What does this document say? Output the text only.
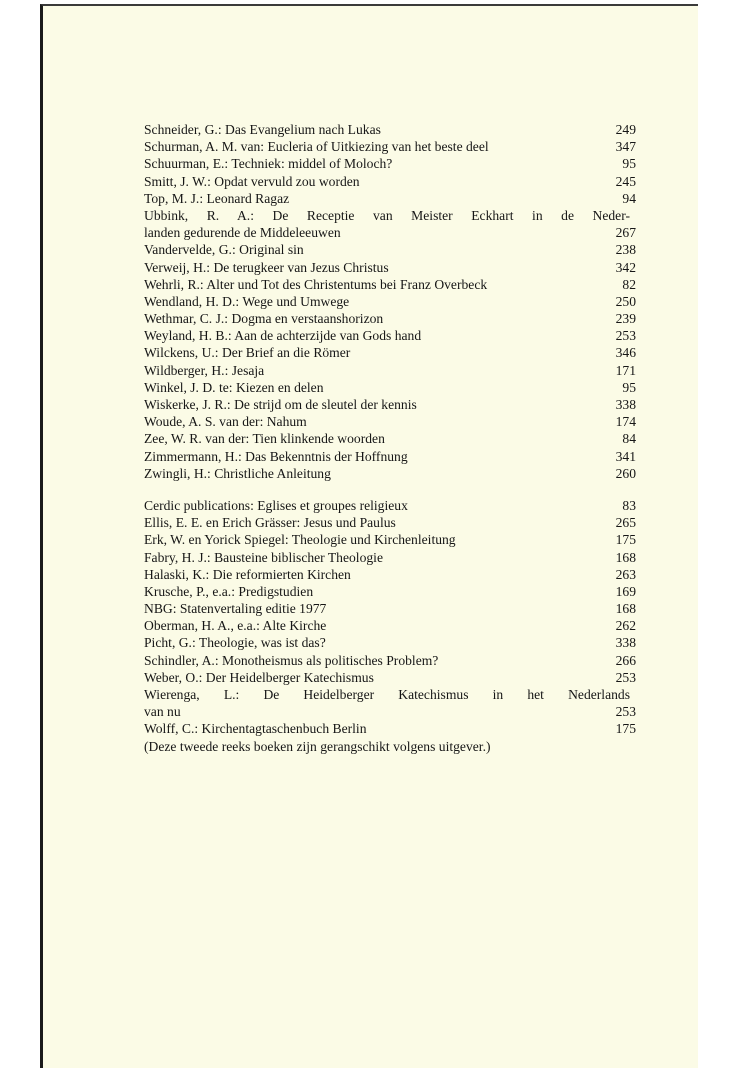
Schneider, G.: Das Evangelium nach Lukas	249
Schurman, A. M. van: Eucleria of Uitkiezing van het beste deel	347
Schuurman, E.: Techniek: middel of Moloch?	95
Smitt, J. W.: Opdat vervuld zou worden	245
Top, M. J.: Leonard Ragaz	94
Ubbink, R. A.: De Receptie van Meister Eckhart in de Neder-
landen gedurende de Middeleeuwen	267
Vandervelde, G.: Original sin	238
Verweij, H.: De terugkeer van Jezus Christus	342
Wehrli, R.: Alter und Tot des Christentums bei Franz Overbeck	82
Wendland, H. D.: Wege und Umwege	250
Wethmar, C. J.: Dogma en verstaanshorizon	239
Weyland, H. B.: Aan de achterzijde van Gods hand	253
Wilckens, U.: Der Brief an die Römer	346
Wildberger, H.: Jesaja	171
Winkel, J. D. te: Kiezen en delen	95
Wiskerke, J. R.: De strijd om de sleutel der kennis	338
Woude, A. S. van der: Nahum	174
Zee, W. R. van der: Tien klinkende woorden	84
Zimmermann, H.: Das Bekenntnis der Hoffnung	341
Zwingli, H.: Christliche Anleitung	260
Cerdic publications: Eglises et groupes religieux	83
Ellis, E. E. en Erich Grässer: Jesus und Paulus	265
Erk, W. en Yorick Spiegel: Theologie und Kirchenleitung	175
Fabry, H. J.: Bausteine biblischer Theologie	168
Halaski, K.: Die reformierten Kirchen	263
Krusche, P., e.a.: Predigstudien	169
NBG: Statenvertaling editie 1977	168
Oberman, H. A., e.a.: Alte Kirche	262
Picht, G.: Theologie, was ist das?	338
Schindler, A.: Monotheismus als politisches Problem?	266
Weber, O.: Der Heidelberger Katechismus	253
Wierenga, L.: De Heidelberger Katechismus in het Nederlands
van nu	253
Wolff, C.: Kirchentagtaschenbuch Berlin	175
(Deze tweede reeks boeken zijn gerangschikt volgens uitgever.)
